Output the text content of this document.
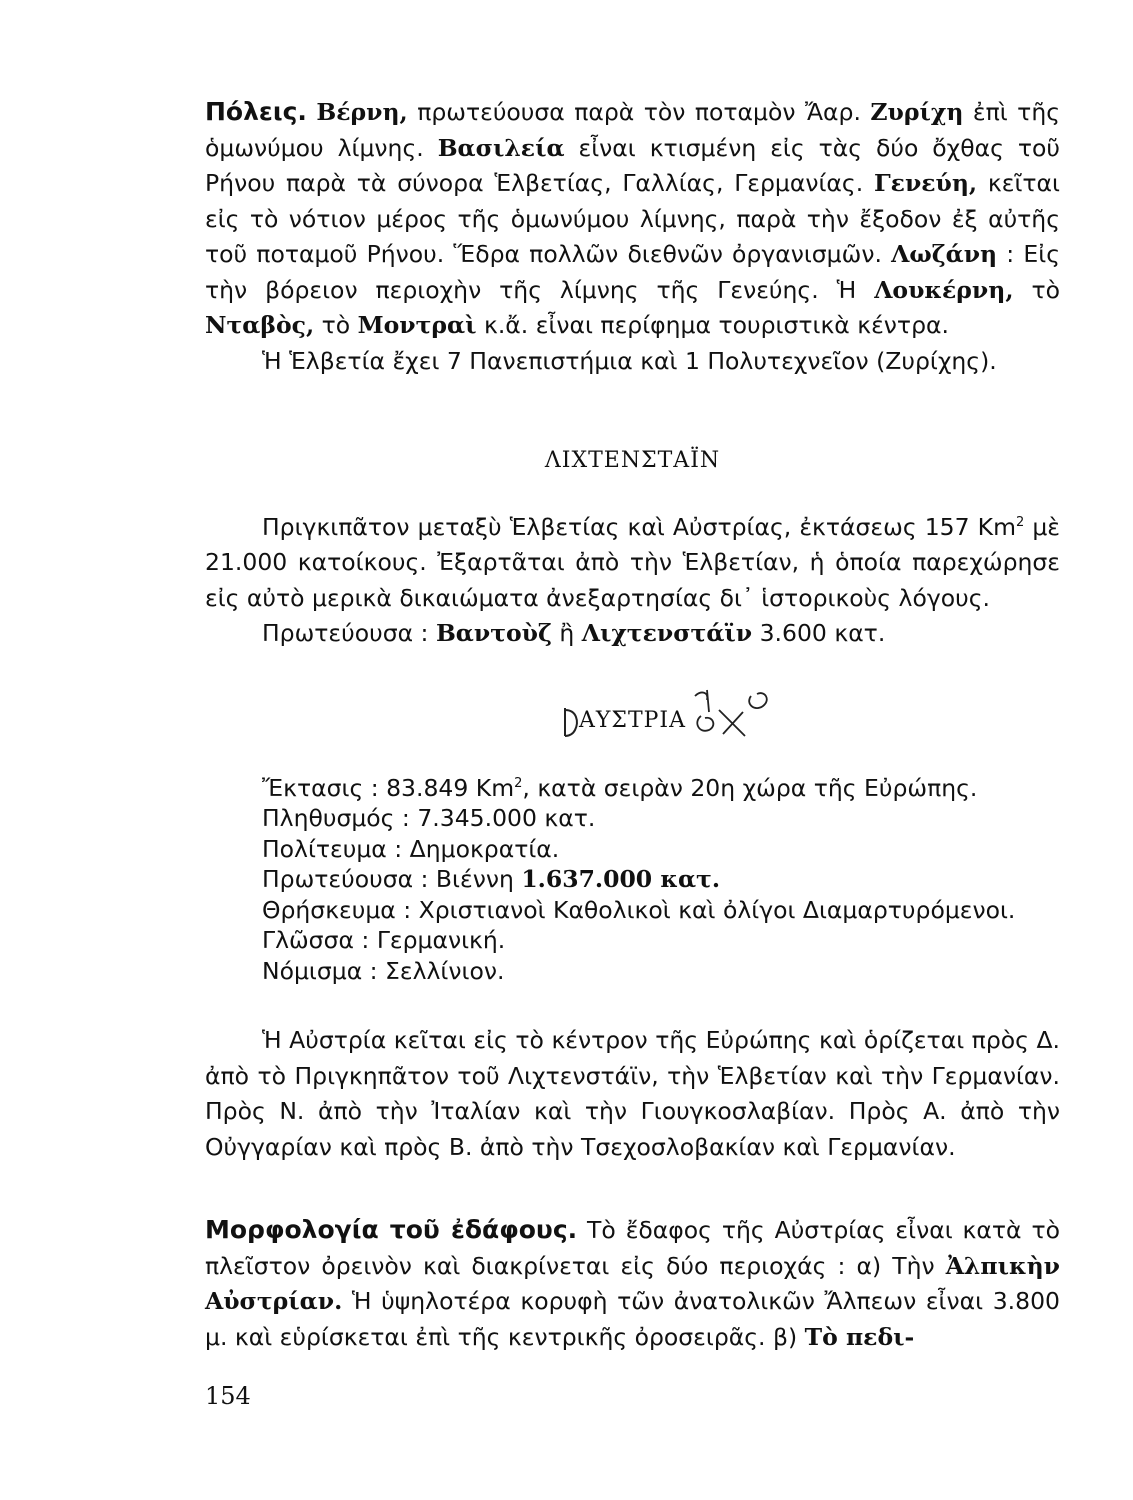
Πόλεις. Βέρνη, πρωτεύουσα παρὰ τὸν ποταμὸν Ἄαρ. Ζυρίχη ἐπὶ τῆς ὁμωνύμου λίμνης. Βασιλεία εἶναι κτισμένη εἰς τὰς δύο ὄχθας τοῦ Ρήνου παρὰ τὰ σύνορα Ἑλβετίας, Γαλλίας, Γερμανίας. Γενεύη, κεῖται εἰς τὸ νότιον μέρος τῆς ὁμωνύμου λίμνης, παρὰ τὴν ἔξοδον ἐξ αὐτῆς τοῦ ποταμοῦ Ρήνου. Ἕδρα πολλῶν διεθνῶν ὀργανισμῶν. Λωζάνη : Εἰς τὴν βόρειον περιοχὴν τῆς λίμνης τῆς Γενεύης. Ἡ Λουκέρνη, τὸ Νταβὸς, τὸ Μοντραὶ κ.ἄ. εἶναι περίφημα τουριστικὰ κέντρα.

Ἡ Ἑλβετία ἔχει 7 Πανεπιστήμια καὶ 1 Πολυτεχνεῖον (Ζυρίχης).

ΛΙΧΤΕΝΣΤΑΪΝ

Πριγκιπᾶτον μεταξὺ Ἑλβετίας καὶ Αὐστρίας, ἐκτάσεως 157 Km$^2$ μὲ 21.000 κατοίκους. Ἐξαρτᾶται ἀπὸ τὴν Ἑλβετίαν, ἡ ὁποία παρεχώρησε εἰς αὐτὸ μερικὰ δικαιώματα ἀνεξαρτησίας δι᾽ ἱστορικοὺς λόγους.

Πρωτεύουσα : Βαντοὺζ ἢ Λιχτενστάϊν 3.600 κατ.

ΑΥΣΤΡΙΑ
Ἔκτασις : 83.849 Km$^2$, κατὰ σειρὰν 20η χώρα τῆς Εὐρώπης.
Πληθυσμός : 7.345.000 κατ.
Πολίτευμα : Δημοκρατία.
Πρωτεύουσα : Βιέννη 1.637.000 κατ.
Θρήσκευμα : Χριστιανοὶ Καθολικοὶ καὶ ὀλίγοι Διαμαρτυρόμενοι.
Γλῶσσα : Γερμανική.
Νόμισμα : Σελλίνιον.

Ἡ Αὐστρία κεῖται εἰς τὸ κέντρον τῆς Εὐρώπης καὶ ὁρίζεται πρὸς Δ. ἀπὸ τὸ Πριγκηπᾶτον τοῦ Λιχτενστάϊν, τὴν Ἑλβετίαν καὶ τὴν Γερμανίαν. Πρὸς Ν. ἀπὸ τὴν Ἰταλίαν καὶ τὴν Γιουγκοσλαβίαν. Πρὸς Α. ἀπὸ τὴν Οὐγγαρίαν καὶ πρὸς Β. ἀπὸ τὴν Τσεχοσλοβακίαν καὶ Γερμανίαν.

Μορφολογία τοῦ ἐδάφους. Τὸ ἔδαφος τῆς Αὐστρίας εἶναι κατὰ τὸ πλεῖστον ὀρεινὸν καὶ διακρίνεται εἰς δύο περιοχάς : α) Τὴν Ἀλπικὴν Αὐστρίαν. Ἡ ὑψηλοτέρα κορυφὴ τῶν ἀνατολικῶν Ἄλπεων εἶναι 3.800 μ. καὶ εὑρίσκεται ἐπὶ τῆς κεντρικῆς ὀροσειρᾶς. β) Τὸ πεδι-

154
